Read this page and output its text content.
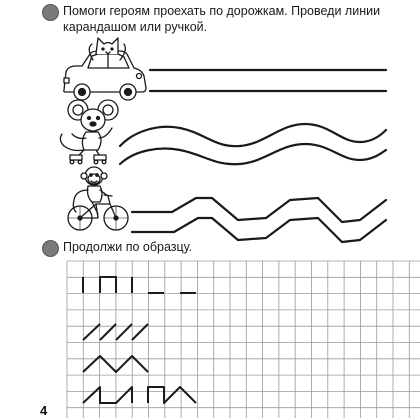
Помоги героям проехать по дорожкам. Проведи линии карандашом или ручкой.
Продолжи по образцу.
4
